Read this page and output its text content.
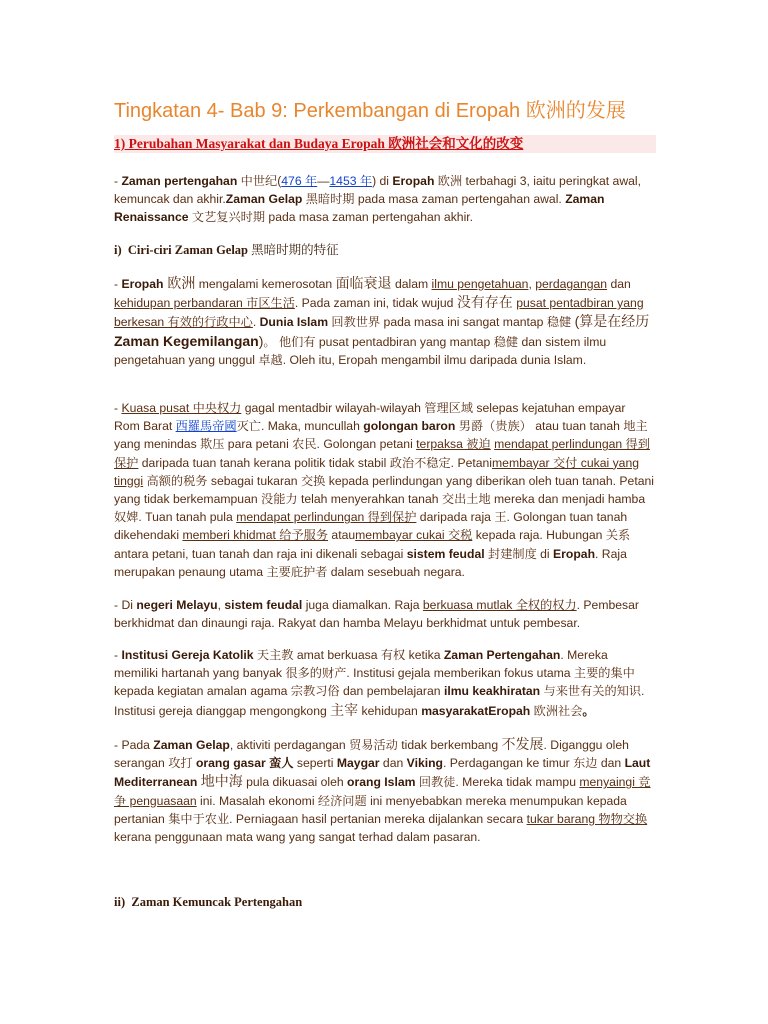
Tingkatan 4- Bab 9: Perkembangan di Eropah 欧洲的发展
1) Perubahan Masyarakat dan Budaya Eropah 欧洲社会和文化的改变
- Zaman pertengahan 中世纪(476 年—1453 年) di Eropah 欧洲 terbahagi 3, iaitu peringkat awal, kemuncak dan akhir.Zaman Gelap 黑暗时期 pada masa zaman pertengahan awal. Zaman Renaissance 文艺复兴时期 pada masa zaman pertengahan akhir.
i) Ciri-ciri Zaman Gelap 黑暗时期的特征
- Eropah 欧洲 mengalami kemerosotan 面临衰退 dalam ilmu pengetahuan, perdagangan dan kehidupan perbandaran 市区生活. Pada zaman ini, tidak wujud 没有存在 pusat pentadbiran yang berkesan 有效的行政中心. Dunia Islam 回教世界 pada masa ini sangat mantap 稳健 (算是在经历 Zaman Kegemilangan)。 他们有 pusat pentadbiran yang mantap 稳健 dan sistem ilmu pengetahuan yang unggul 卓越. Oleh itu, Eropah mengambil ilmu daripada dunia Islam.
- Kuasa pusat 中央权力 gagal mentadbir wilayah-wilayah 管理区域 selepas kejatuhan empayar Rom Barat 西羅馬帝國灭亡. Maka, muncullah golongan baron 男爵（贵族） atau tuan tanah 地主 yang menindas 欺压 para petani 农民. Golongan petani terpaksa 被迫 mendapat perlindungan 得到保护 daripada tuan tanah kerana politik tidak stabil 政治不稳定. Petanimembayar 交付 cukai yang tinggi 高额的税务 sebagai tukaran 交换 kepada perlindungan yang diberikan oleh tuan tanah. Petani yang tidak berkemampuan 没能力 telah menyerahkan tanah 交出土地 mereka dan menjadi hamba 奴婢. Tuan tanah pula mendapat perlindungan 得到保护 daripada raja 王. Golongan tuan tanah dikehendaki memberi khidmat 给予服务 ataumembayar cukai 交税 kepada raja. Hubungan 关系 antara petani, tuan tanah dan raja ini dikenali sebagai sistem feudal 封建制度 di Eropah. Raja merupakan penaung utama 主要庇护者 dalam sesebuah negara.
- Di negeri Melayu, sistem feudal juga diamalkan. Raja berkuasa mutlak 全权的权力. Pembesar berkhidmat dan dinaungi raja. Rakyat dan hamba Melayu berkhidmat untuk pembesar.
- Institusi Gereja Katolik 天主教 amat berkuasa 有权 ketika Zaman Pertengahan. Mereka memiliki hartanah yang banyak 很多的财产. Institusi gejala memberikan fokus utama 主要的集中 kepada kegiatan amalan agama 宗教习俗 dan pembelajaran ilmu keakhiratan 与来世有关的知识. Institusi gereja dianggap mengongkong 主宰 kehidupan masyarakatEropah 欧洲社会。
- Pada Zaman Gelap, aktiviti perdagangan 贸易活动 tidak berkembang 不发展. Diganggu oleh serangan 攻打 orang gasar 蛮人 seperti Maygar dan Viking. Perdagangan ke timur 东边 dan Laut Mediterranean 地中海 pula dikuasai oleh orang Islam 回教徒. Mereka tidak mampu menyaingi 竞争 penguasaan ini. Masalah ekonomi 经济问题 ini menyebabkan mereka menumpukan kepada pertanian 集中于农业. Perniagaan hasil pertanian mereka dijalankan secara tukar barang 物物交换 kerana penggunaan mata wang yang sangat terhad dalam pasaran.
ii) Zaman Kemuncak Pertengahan
